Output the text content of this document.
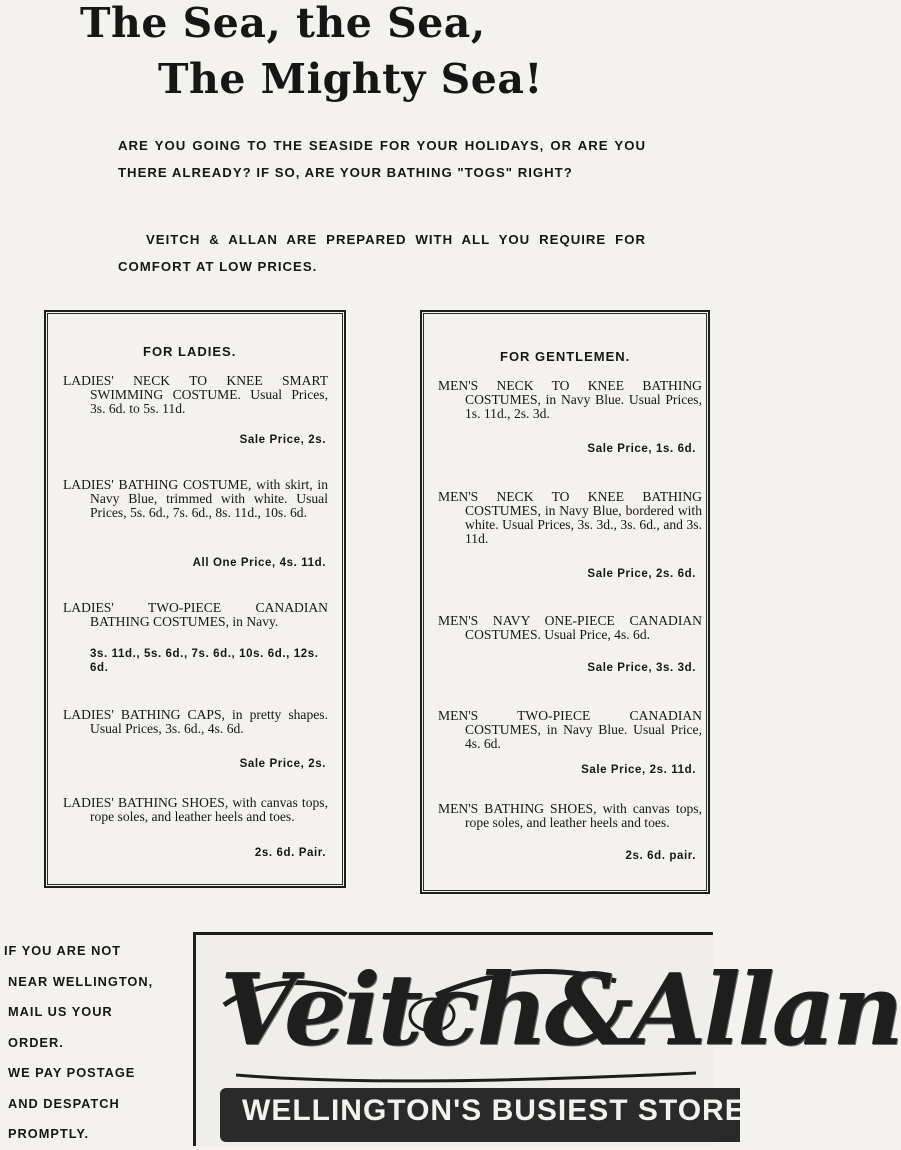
The Sea, the Sea,
The Mighty Sea!

ARE YOU GOING TO THE SEASIDE FOR YOUR HOLIDAYS, OR ARE YOU THERE ALREADY? IF SO, ARE YOUR BATHING "TOGS" RIGHT?

VEITCH & ALLAN ARE PREPARED WITH ALL YOU REQUIRE FOR COMFORT AT LOW PRICES.

FOR LADIES.

LADIES' NECK TO KNEE SMART SWIMMING COSTUME. Usual Prices, 3s. 6d. to 5s. 11d.

Sale Price, 2s.

LADIES' BATHING COSTUME, with skirt, in Navy Blue, trimmed with white. Usual Prices, 5s. 6d., 7s. 6d., 8s. 11d., 10s. 6d.

All One Price, 4s. 11d.

LADIES' TWO-PIECE CANADIAN BATHING COSTUMES, in Navy.

3s. 11d., 5s. 6d., 7s. 6d., 10s. 6d., 12s. 6d.

LADIES' BATHING CAPS, in pretty shapes. Usual Prices, 3s. 6d., 4s. 6d.

Sale Price, 2s.

LADIES' BATHING SHOES, with canvas tops, rope soles, and leather heels and toes.

2s. 6d. Pair.
FOR GENTLEMEN.

MEN'S NECK TO KNEE BATHING COSTUMES, in Navy Blue. Usual Prices, 1s. 11d., 2s. 3d.

Sale Price, 1s. 6d.

MEN'S NECK TO KNEE BATHING COSTUMES, in Navy Blue, bordered with white. Usual Prices, 3s. 3d., 3s. 6d., and 3s. 11d.

Sale Price, 2s. 6d.

MEN'S NAVY ONE-PIECE CANADIAN COSTUMES. Usual Price, 4s. 6d.

Sale Price, 3s. 3d.

MEN'S TWO-PIECE CANADIAN COSTUMES, in Navy Blue. Usual Price, 4s. 6d.

Sale Price, 2s. 11d.

MEN'S BATHING SHOES, with canvas tops, rope soles, and leather heels and toes.

2s. 6d. pair.
IF YOU ARE NOT
NEAR WELLINGTON,
MAIL US YOUR
ORDER.
WE PAY POSTAGE
AND DESPATCH
PROMPTLY.
Veitch&Allan
WELLINGTON'S BUSIEST STORE
